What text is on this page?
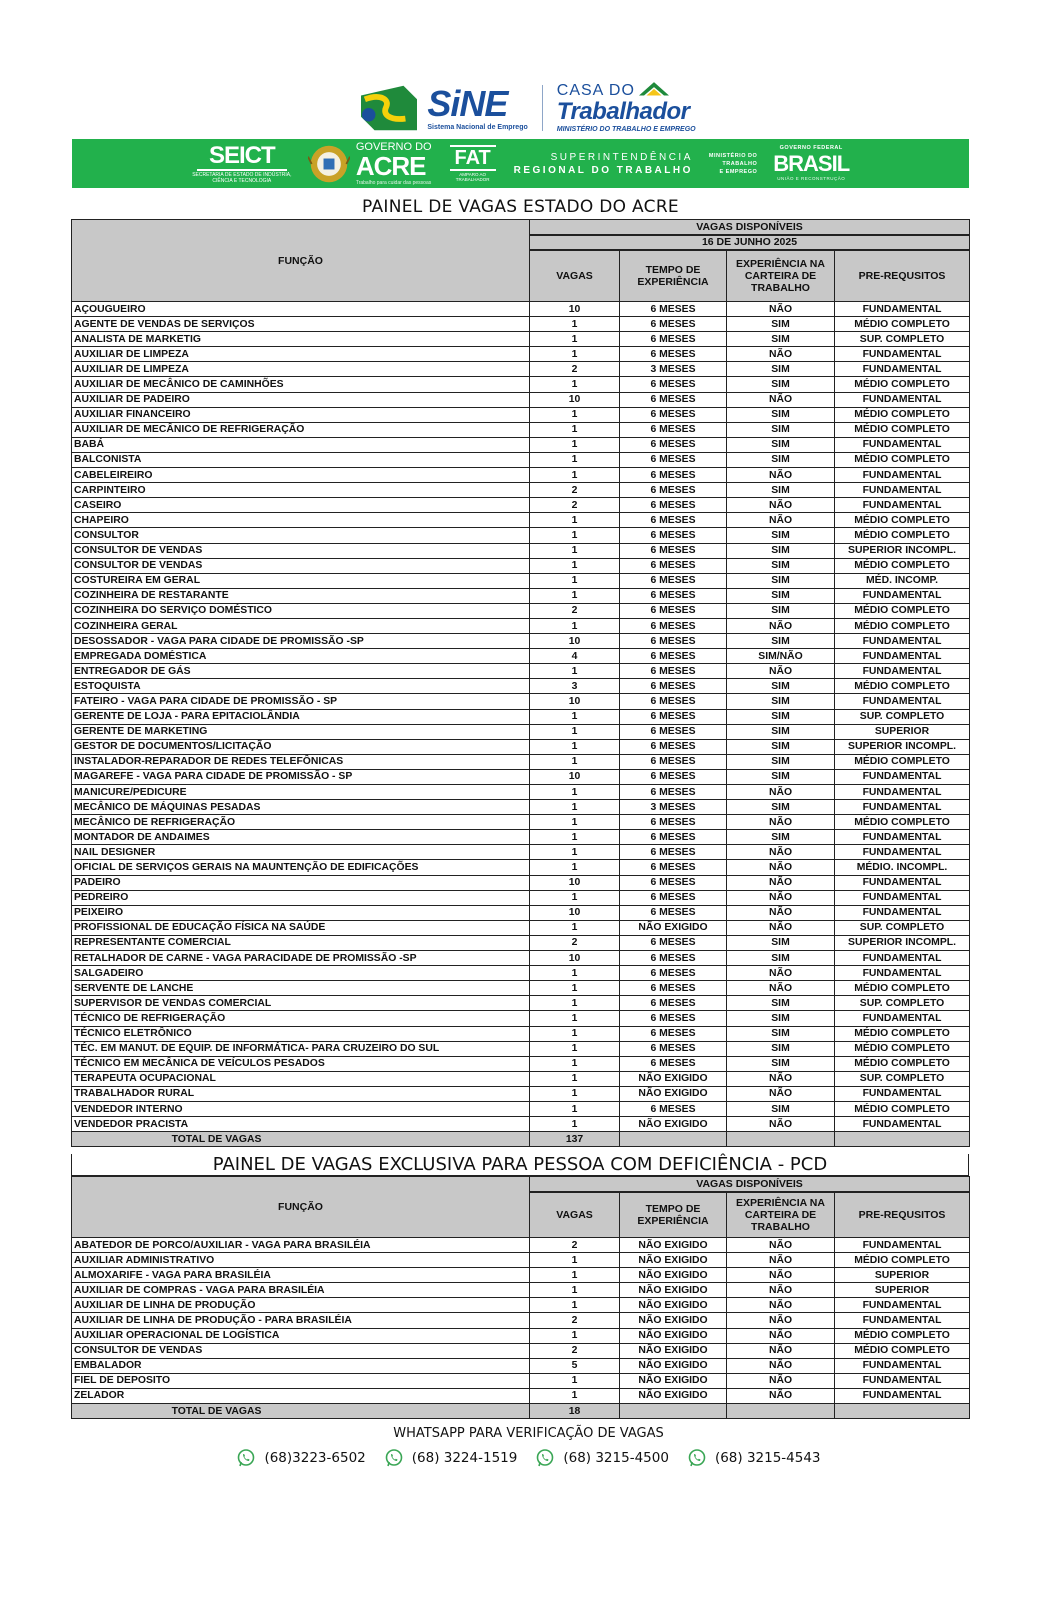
SiNE
Sistema Nacional de Emprego
CASA DO
Trabalhador
MINISTÉRIO DO TRABALHO E EMPREGO
SEICT
SECRETARIA DE ESTADO DE INDÚSTRIA, CIÊNCIA E TECNOLOGIA
GOVERNO DO
ACRE
Trabalho para cuidar das pessoas
FAT
AMPARO AO TRABALHADOR
SUPERINTENDÊNCIA
REGIONAL DO TRABALHO
MINISTÉRIO DO
TRABALHO
E EMPREGO
GOVERNO FEDERAL
BRASIL
UNIÃO E RECONSTRUÇÃO
PAINEL DE VAGAS ESTADO DO ACRE
FUNÇÃO	VAGAS DISPONÍVEIS			
	16 DE JUNHO 2025			
	VAGAS	TEMPO DE EXPERIÊNCIA	EXPERIÊNCIA NA CARTEIRA DE TRABALHO	PRE-REQUSITOS
AÇOUGUEIRO	10	6 MESES	NÃO	FUNDAMENTAL
AGENTE DE VENDAS DE SERVIÇOS	1	6 MESES	SIM	MÉDIO COMPLETO
ANALISTA DE MARKETIG	1	6 MESES	SIM	SUP. COMPLETO
AUXILIAR DE LIMPEZA	1	6 MESES	NÃO	FUNDAMENTAL
AUXILIAR DE LIMPEZA	2	3 MESES	SIM	FUNDAMENTAL
AUXILIAR DE MECÂNICO DE CAMINHÕES	1	6 MESES	SIM	MÉDIO COMPLETO
AUXILIAR DE PADEIRO	10	6 MESES	NÃO	FUNDAMENTAL
AUXILIAR FINANCEIRO	1	6 MESES	SIM	MÉDIO COMPLETO
AUXILIAR DE MECÂNICO DE REFRIGERAÇÃO	1	6 MESES	SIM	MÉDIO COMPLETO
BABÁ	1	6 MESES	SIM	FUNDAMENTAL
BALCONISTA	1	6 MESES	SIM	MÉDIO COMPLETO
CABELEIREIRO	1	6 MESES	NÃO	FUNDAMENTAL
CARPINTEIRO	2	6 MESES	SIM	FUNDAMENTAL
CASEIRO	2	6 MESES	NÃO	FUNDAMENTAL
CHAPEIRO	1	6 MESES	NÃO	MÉDIO COMPLETO
CONSULTOR	1	6 MESES	SIM	MÉDIO COMPLETO
CONSULTOR DE VENDAS	1	6 MESES	SIM	SUPERIOR INCOMPL.
CONSULTOR DE VENDAS	1	6 MESES	SIM	MÉDIO COMPLETO
COSTUREIRA EM GERAL	1	6 MESES	SIM	MÉD. INCOMP.
COZINHEIRA DE RESTARANTE	1	6 MESES	SIM	FUNDAMENTAL
COZINHEIRA DO SERVIÇO DOMÉSTICO	2	6 MESES	SIM	MÉDIO COMPLETO
COZINHEIRA GERAL	1	6 MESES	NÃO	MÉDIO COMPLETO
DESOSSADOR - VAGA PARA CIDADE DE PROMISSÃO -SP	10	6 MESES	SIM	FUNDAMENTAL
EMPREGADA DOMÉSTICA	4	6 MESES	SIM/NÃO	FUNDAMENTAL
ENTREGADOR DE GÁS	1	6 MESES	NÃO	FUNDAMENTAL
ESTOQUISTA	3	6 MESES	SIM	MÉDIO COMPLETO
FATEIRO - VAGA PARA CIDADE DE PROMISSÃO - SP	10	6 MESES	SIM	FUNDAMENTAL
GERENTE DE LOJA - PARA EPITACIOLÂNDIA	1	6 MESES	SIM	SUP. COMPLETO
GERENTE DE MARKETING	1	6 MESES	SIM	SUPERIOR
GESTOR DE DOCUMENTOS/LICITAÇÃO	1	6 MESES	SIM	SUPERIOR INCOMPL.
INSTALADOR-REPARADOR DE REDES TELEFÔNICAS	1	6 MESES	SIM	MÉDIO COMPLETO
MAGAREFE - VAGA PARA CIDADE DE PROMISSÃO - SP	10	6 MESES	SIM	FUNDAMENTAL
MANICURE/PEDICURE	1	6 MESES	NÃO	FUNDAMENTAL
MECÂNICO DE MÁQUINAS PESADAS	1	3 MESES	SIM	FUNDAMENTAL
MECÂNICO DE REFRIGERAÇÃO	1	6 MESES	NÃO	MÉDIO COMPLETO
MONTADOR DE ANDAIMES	1	6 MESES	SIM	FUNDAMENTAL
NAIL DESIGNER	1	6 MESES	NÃO	FUNDAMENTAL
OFICIAL DE SERVIÇOS GERAIS NA MAUNTENÇÃO DE EDIFICAÇÕES	1	6 MESES	NÃO	MÉDIO. INCOMPL.
PADEIRO	10	6 MESES	NÃO	FUNDAMENTAL
PEDREIRO	1	6 MESES	NÃO	FUNDAMENTAL
PEIXEIRO	10	6 MESES	NÃO	FUNDAMENTAL
PROFISSIONAL DE EDUCAÇÃO FÍSICA NA SAÚDE	1	NÃO EXIGIDO	NÃO	SUP. COMPLETO
REPRESENTANTE COMERCIAL	2	6 MESES	SIM	SUPERIOR INCOMPL.
RETALHADOR DE CARNE - VAGA PARACIDADE DE PROMISSÃO -SP	10	6 MESES	SIM	FUNDAMENTAL
SALGADEIRO	1	6 MESES	NÃO	FUNDAMENTAL
SERVENTE DE LANCHE	1	6 MESES	NÃO	MÉDIO COMPLETO
SUPERVISOR DE VENDAS COMERCIAL	1	6 MESES	SIM	SUP. COMPLETO
TÉCNICO DE REFRIGERAÇÃO	1	6 MESES	SIM	FUNDAMENTAL
TÉCNICO ELETRÔNICO	1	6 MESES	SIM	MÉDIO COMPLETO
TÉC. EM MANUT. DE EQUIP. DE INFORMÁTICA- PARA CRUZEIRO DO SUL	1	6 MESES	SIM	MÉDIO COMPLETO
TÉCNICO EM MECÂNICA DE VEÍCULOS PESADOS	1	6 MESES	SIM	MÉDIO COMPLETO
TERAPEUTA OCUPACIONAL	1	NÃO EXIGIDO	NÃO	SUP. COMPLETO
TRABALHADOR RURAL	1	NÃO EXIGIDO	NÃO	FUNDAMENTAL
VENDEDOR INTERNO	1	6 MESES	SIM	MÉDIO COMPLETO
VENDEDOR PRACISTA	1	NÃO EXIGIDO	NÃO	FUNDAMENTAL
TOTAL DE VAGAS	137			
PAINEL DE VAGAS EXCLUSIVA PARA PESSOA COM DEFICIÊNCIA - PCD
FUNÇÃO	VAGAS DISPONÍVEIS			
	VAGAS	TEMPO DE EXPERIÊNCIA	EXPERIÊNCIA NA CARTEIRA DE TRABALHO	PRE-REQUSITOS
ABATEDOR DE PORCO/AUXILIAR - VAGA PARA BRASILÉIA	2	NÃO EXIGIDO	NÃO	FUNDAMENTAL
AUXILIAR ADMINISTRATIVO	1	NÃO EXIGIDO	NÃO	MÉDIO COMPLETO
ALMOXARIFE - VAGA PARA BRASILÉIA	1	NÃO EXIGIDO	NÃO	SUPERIOR
AUXILIAR DE COMPRAS - VAGA PARA BRASILÉIA	1	NÃO EXIGIDO	NÃO	SUPERIOR
AUXILIAR DE LINHA DE PRODUÇÃO	1	NÃO EXIGIDO	NÃO	FUNDAMENTAL
AUXILIAR DE LINHA DE PRODUÇÃO - PARA BRASILÉIA	2	NÃO EXIGIDO	NÃO	FUNDAMENTAL
AUXILIAR OPERACIONAL DE LOGÍSTICA	1	NÃO EXIGIDO	NÃO	MÉDIO COMPLETO
CONSULTOR DE VENDAS	2	NÃO EXIGIDO	NÃO	MÉDIO COMPLETO
EMBALADOR	5	NÃO EXIGIDO	NÃO	FUNDAMENTAL
FIEL DE DEPOSITO	1	NÃO EXIGIDO	NÃO	FUNDAMENTAL
ZELADOR	1	NÃO EXIGIDO	NÃO	FUNDAMENTAL
TOTAL DE VAGAS	18			
WHATSAPP PARA VERIFICAÇÃO DE VAGAS
(68)3223-6502	(68) 3224-1519	(68) 3215-4500	(68) 3215-4543
